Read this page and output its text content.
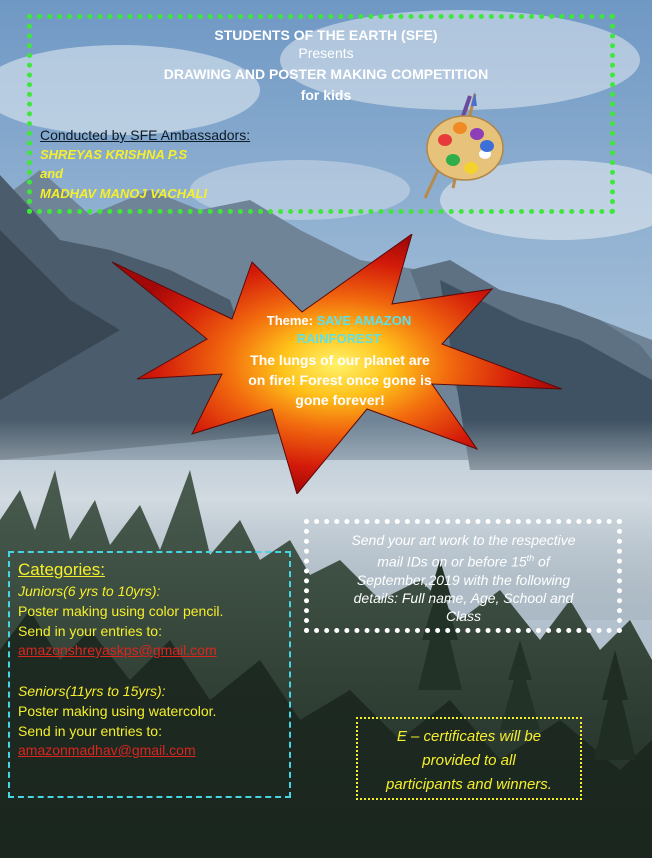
STUDENTS OF THE EARTH (SFE)
Presents
DRAWING AND POSTER MAKING COMPETITION
for kids
Conducted by SFE Ambassadors:
SHREYAS KRISHNA P.S
and
MADHAV MANOJ VACHALI
Theme: SAVE AMAZON
RAINFOREST
The lungs of our planet are
on fire! Forest once gone is
gone forever!
Send your art work to the respective
mail IDs on or before 15th of
September,2019 with the following
details: Full name, Age, School and
Class
Categories:
Juniors(6 yrs to 10yrs):
Poster making using color pencil.
Send in your entries to:
amazonshreyaskps@gmail.com
Seniors(11yrs to 15yrs):
Poster making using watercolor.
Send in your entries to:
amazonmadhav@gmail.com
E – certificates will be
provided to all
participants and winners.
